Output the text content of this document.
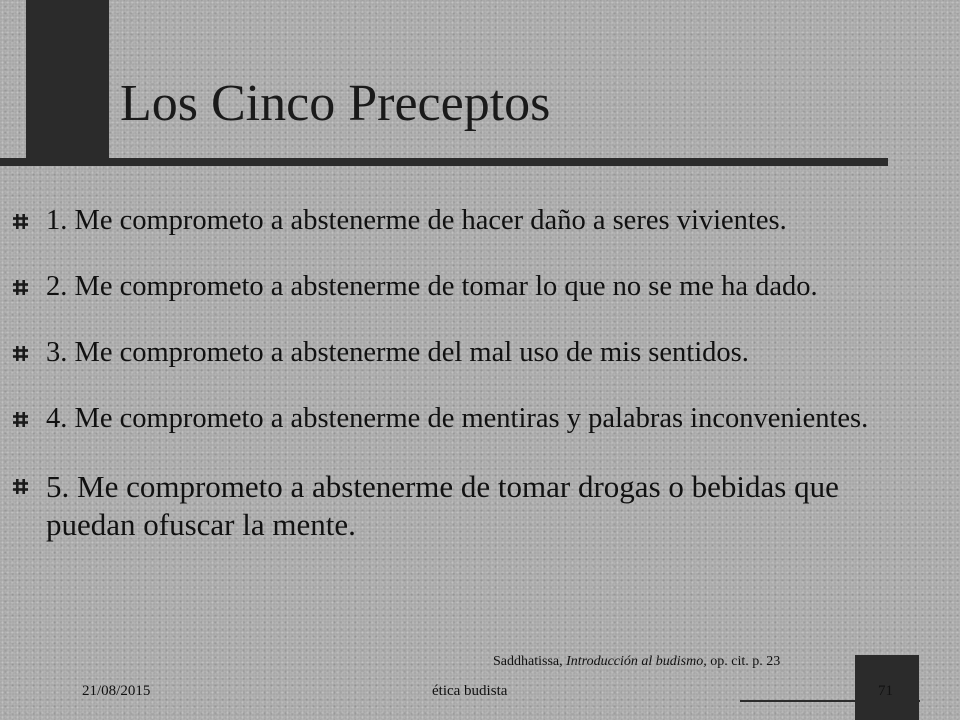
Los Cinco Preceptos
1. Me comprometo a abstenerme de hacer daño a seres vivientes.
2. Me comprometo a abstenerme de tomar lo que no se me ha dado.
3. Me comprometo a abstenerme del mal uso de mis sentidos.
4. Me comprometo a abstenerme de mentiras y palabras inconvenientes.
5. Me comprometo a abstenerme de tomar drogas o bebidas que puedan ofuscar la mente.
Saddhatissa, Introducción al budismo, op. cit. p. 23
21/08/2015	ética budista	71
